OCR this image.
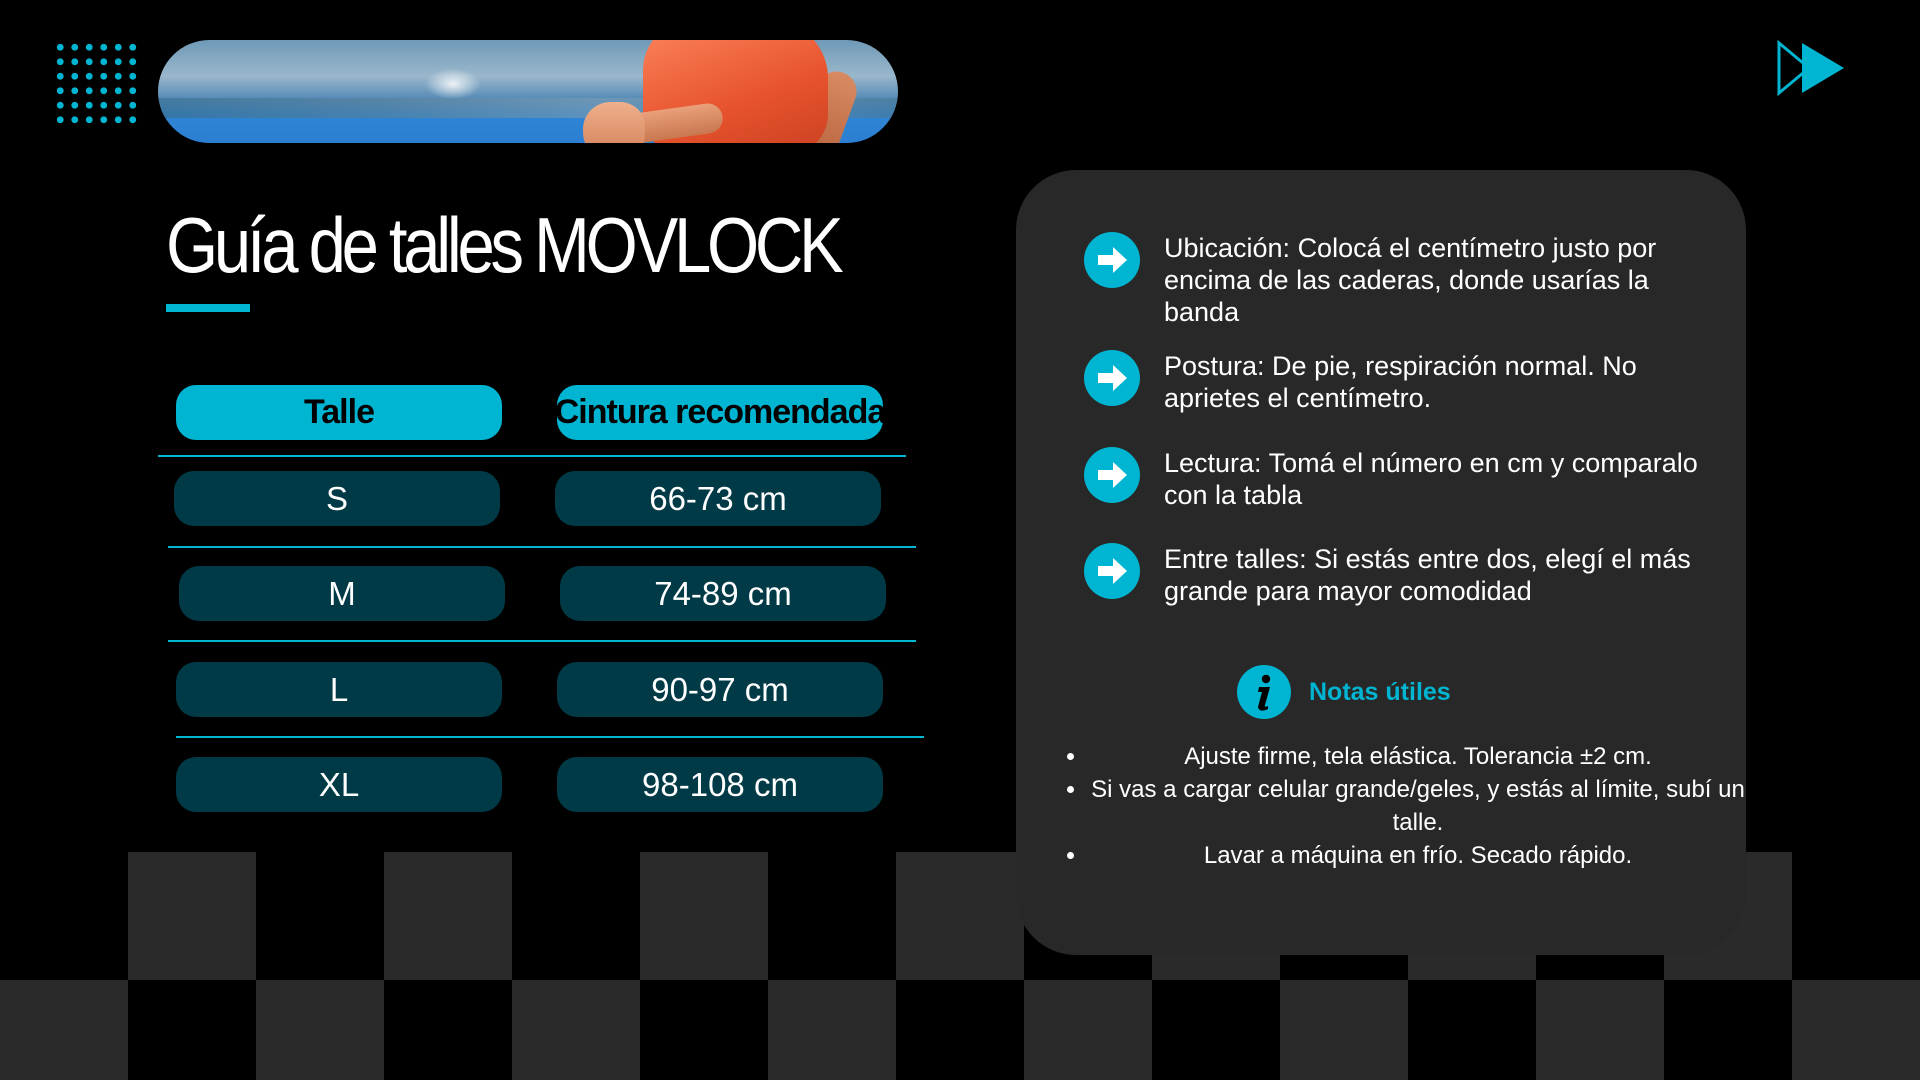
Guía de talles MOVLOCK
Talle	Cintura recomendada
S	66-73 cm
M	74-89 cm
L	90-97 cm
XL	98-108 cm
Ubicación: Colocá el centímetro justo por encima de las caderas, donde usarías la banda
Postura: De pie, respiración normal. No aprietes el centímetro.
Lectura: Tomá el número en cm y comparalo con la tabla
Entre talles: Si estás entre dos, elegí el más grande para mayor comodidad
Notas útiles
• Ajuste firme, tela elástica. Tolerancia ±2 cm.
• Si vas a cargar celular grande/geles, y estás al límite, subí un talle.
• Lavar a máquina en frío. Secado rápido.
